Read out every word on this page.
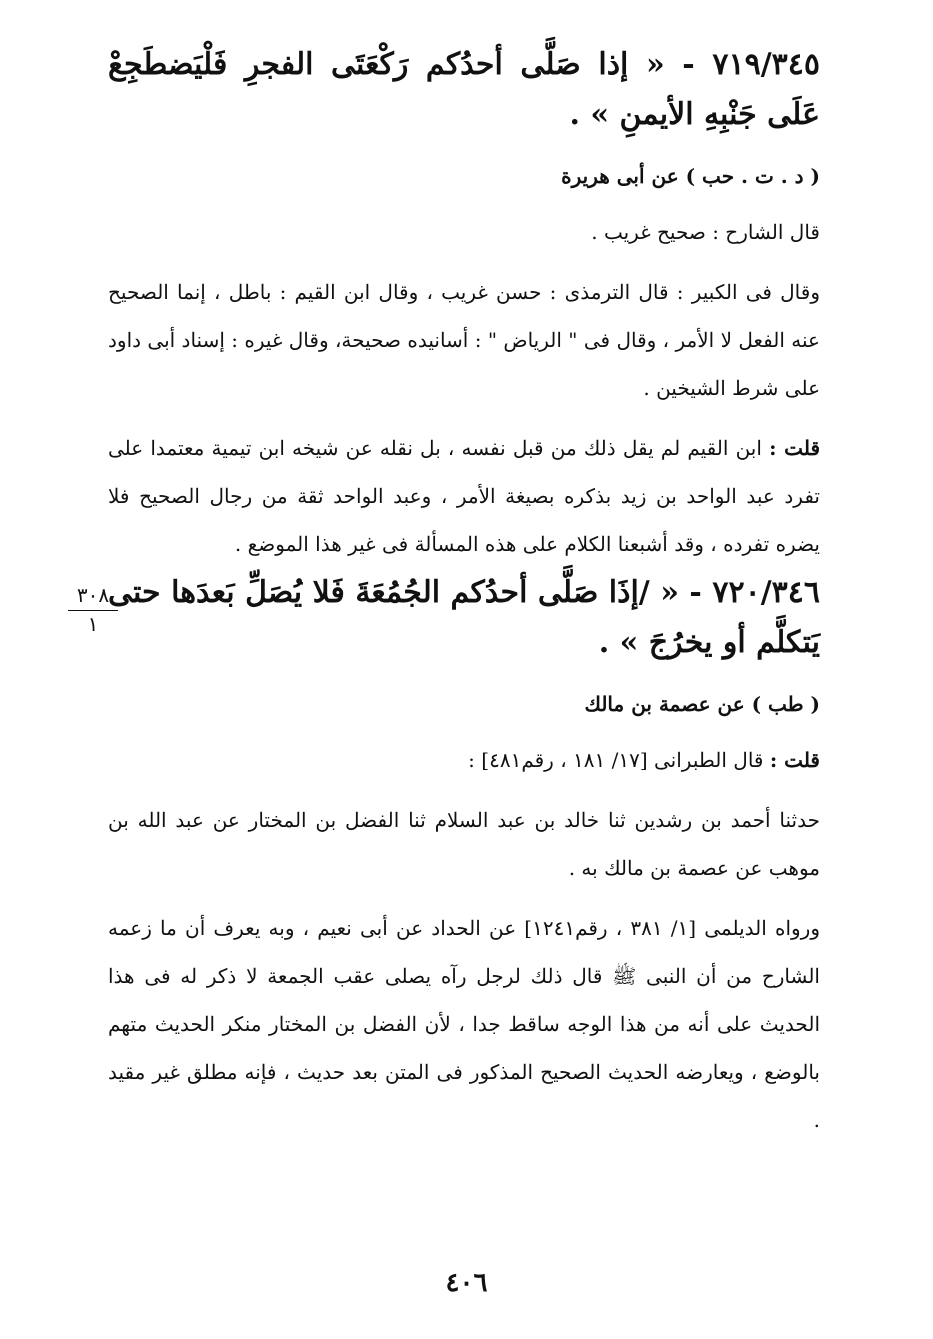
٧١٩/٣٤٥ - « إذا صَلَّى أحدُكم رَكْعَتَى الفجرِ فَلْيَضطَجِعْ عَلَى جَنْبِهِ الأيمنِ » .

( د . ت . حب ) عن أبى هريرة

قال الشارح : صحيح غريب .

وقال فى الكبير : قال الترمذى : حسن غريب ، وقال ابن القيم : باطل ، إنما الصحيح عنه الفعل لا الأمر ، وقال فى " الرياض " : أسانيده صحيحة، وقال غيره : إسناد أبى داود على شرط الشيخين .

قلت : ابن القيم لم يقل ذلك من قبل نفسه ، بل نقله عن شيخه ابن تيمية معتمدا على تفرد عبد الواحد بن زيد بذكره بصيغة الأمر ، وعبد الواحد ثقة من رجال الصحيح فلا يضره تفرده ، وقد أشبعنا الكلام على هذه المسألة فى غير هذا الموضع .

٧٢٠/٣٤٦ - « /إذَا صَلَّى أحدُكم الجُمُعَةَ فَلا يُصَلِّ بَعدَها حتى يَتكلَّم أو يخرُجَ » .

( طب ) عن عصمة بن مالك

قلت : قال الطبرانى [١٧/ ١٨١ ، رقم٤٨١] :

حدثنا أحمد بن رشدين ثنا خالد بن عبد السلام ثنا الفضل بن المختار عن عبد الله بن موهب عن عصمة بن مالك به .

ورواه الديلمى [١/ ٣٨١ ، رقم١٢٤١] عن الحداد عن أبى نعيم ، وبه يعرف أن ما زعمه الشارح من أن النبى ﷺ قال ذلك لرجل رآه يصلى عقب الجمعة لا ذكر له فى هذا الحديث على أنه من هذا الوجه ساقط جدا ، لأن الفضل بن المختار منكر الحديث متهم بالوضع ، ويعارضه الحديث الصحيح المذكور فى المتن بعد حديث ، فإنه مطلق غير مقيد .

٣٠٨
١
٤٠٦
